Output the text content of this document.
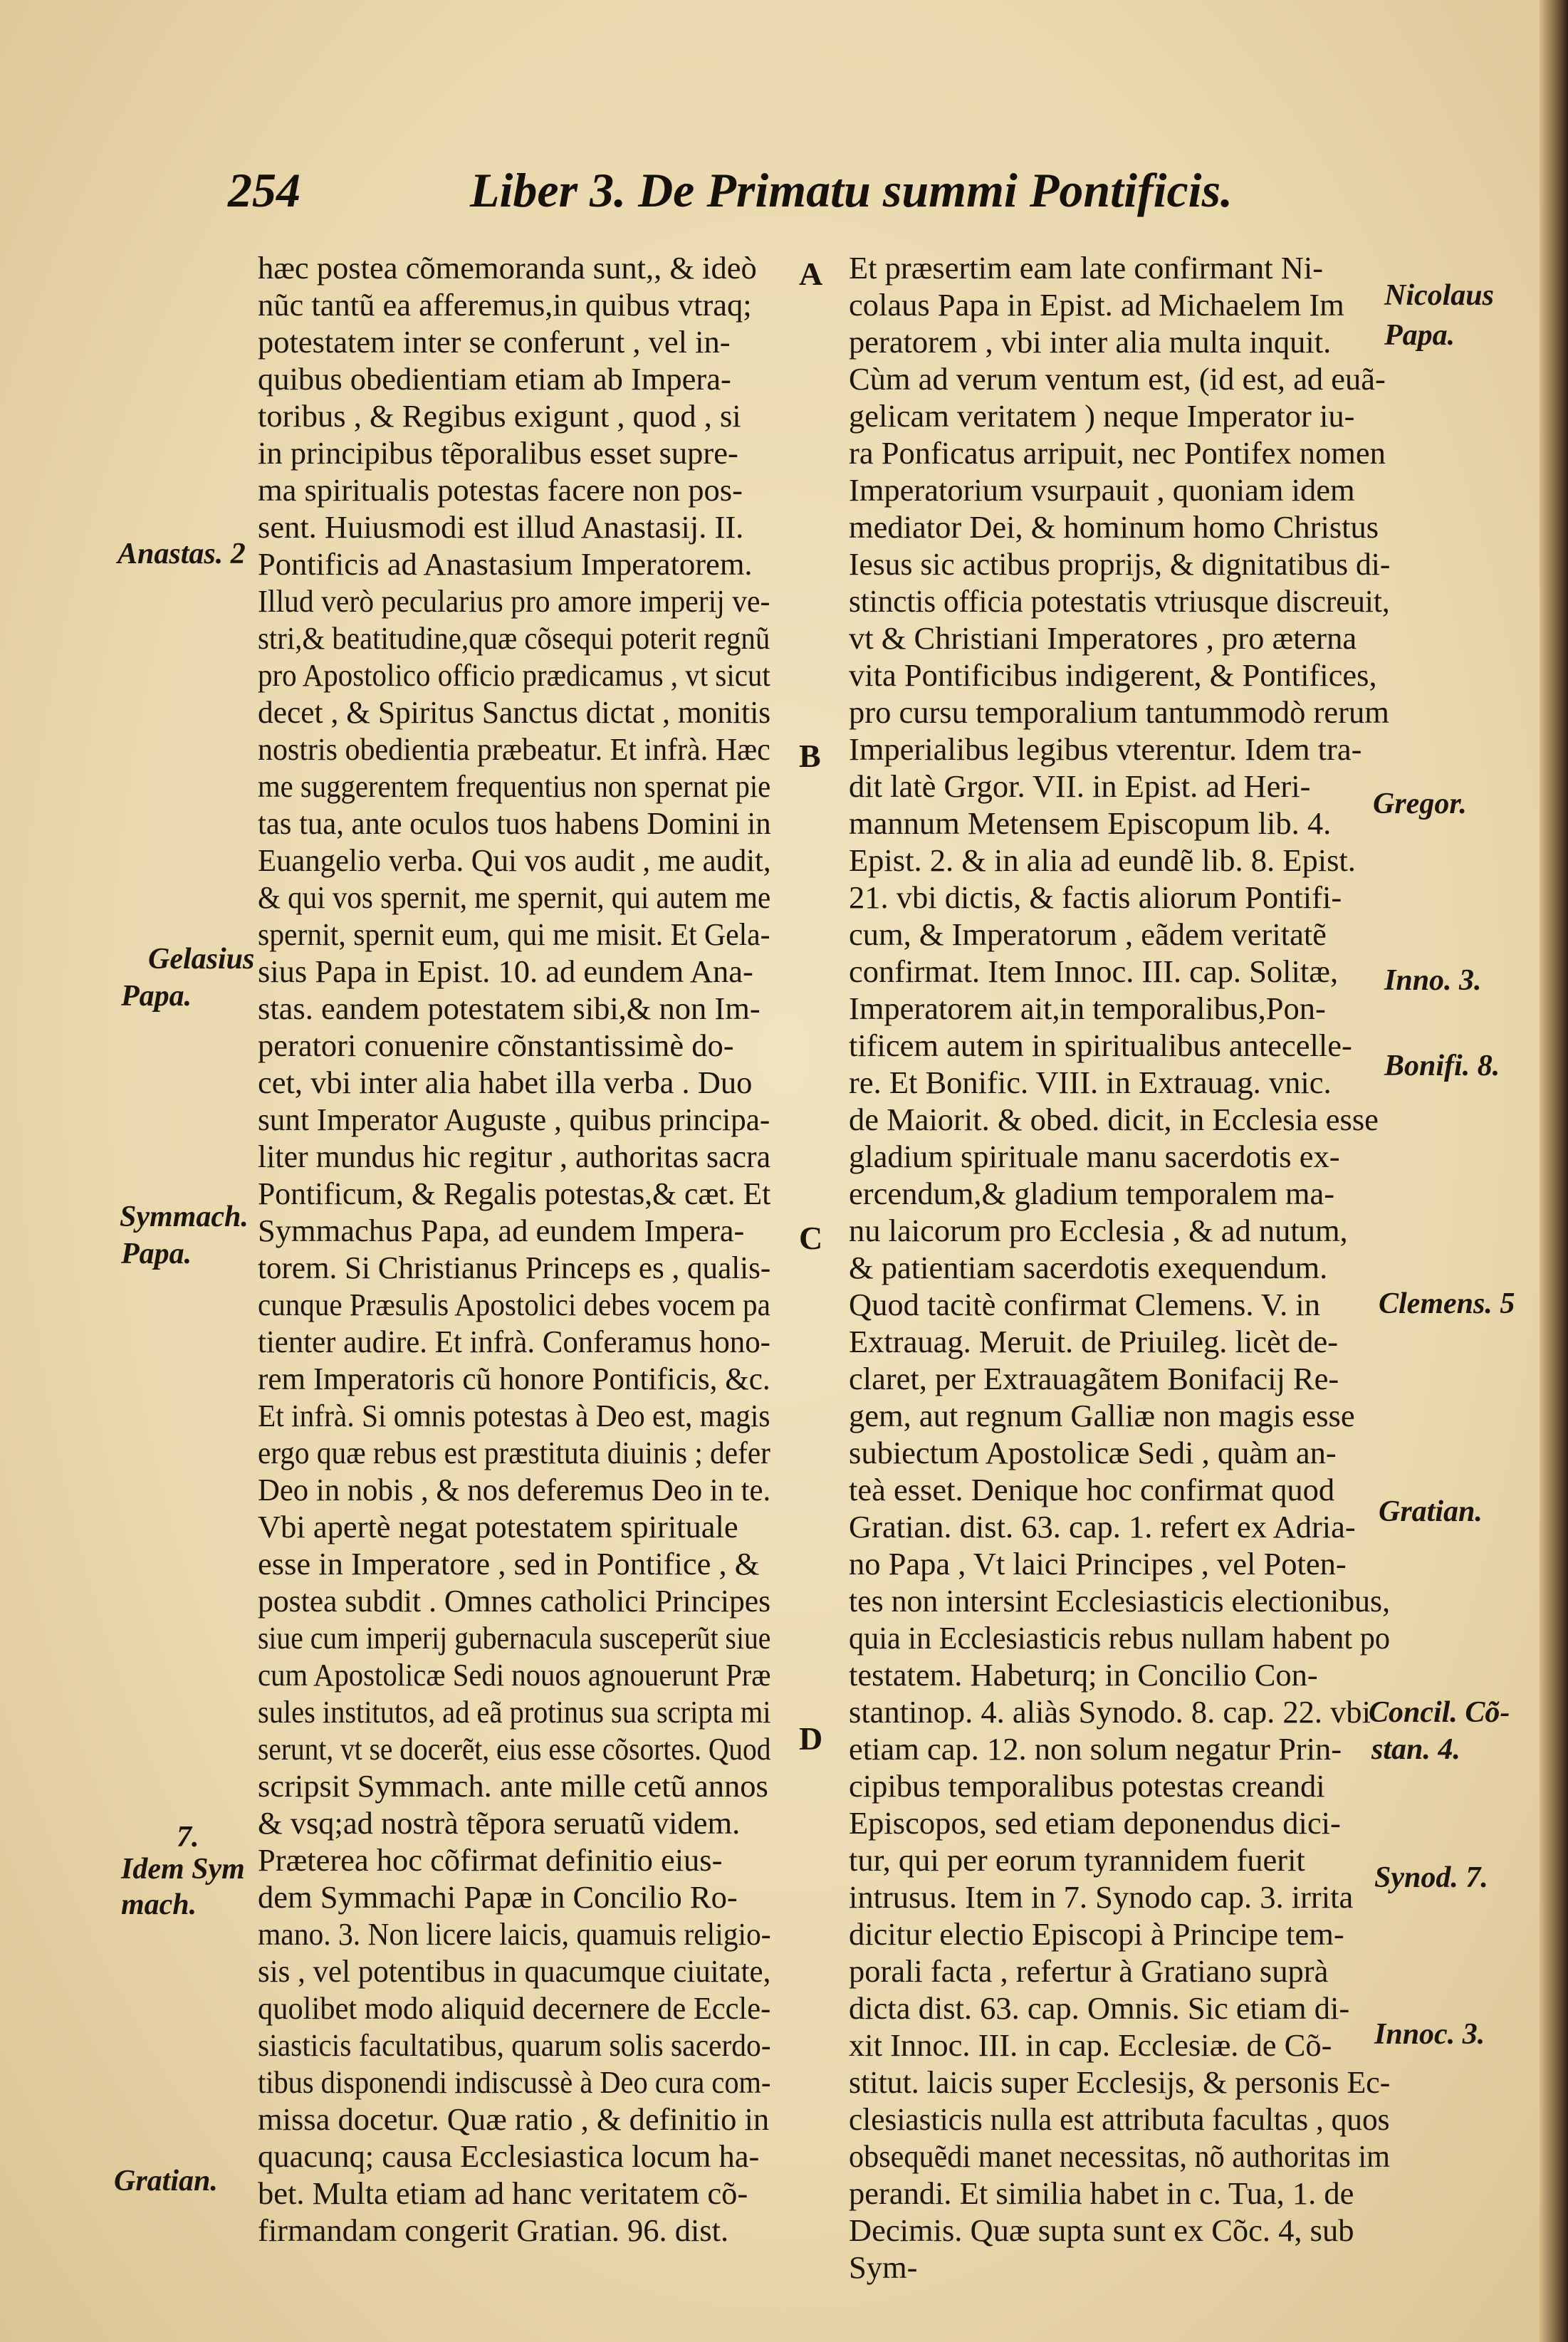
254	Liber 3. De Primatu summi Pontificis.
hæc postea cõmemoranda sunt,, & ideò
nũc tantũ ea afferemus,in quibus vtraq;
potestatem inter se conferunt , vel in-
quibus obedientiam etiam ab Impera-
toribus , & Regibus exigunt , quod , si
in principibus tẽporalibus esset supre-
ma spiritualis potestas facere non pos-
sent. Huiusmodi est illud Anastasij. II.
Pontificis ad Anastasium Imperatorem.
Illud verò pecularius pro amore imperij ve-
stri,& beatitudine,quæ cõsequi poterit regnũ
pro Apostolico officio prædicamus , vt sicut
decet , & Spiritus Sanctus dictat , monitis
nostris obedientia præbeatur. Et infrà. Hæc
me suggerentem frequentius non spernat pie
tas tua, ante oculos tuos habens Domini in
Euangelio verba. Qui vos audit , me audit,
& qui vos spernit, me spernit, qui autem me
spernit, spernit eum, qui me misit. Et Gela-
sius Papa in Epist. 10. ad eundem Ana-
stas. eandem potestatem sibi,& non Im-
peratori conuenire cõnstantissimè do-
cet, vbi inter alia habet illa verba . Duo
sunt Imperator Auguste , quibus principa-
liter mundus hic regitur , authoritas sacra
Pontificum, & Regalis potestas,& cæt. Et
Symmachus Papa, ad eundem Impera-
torem. Si Christianus Princeps es , qualis-
cunque Præsulis Apostolici debes vocem pa
tienter audire. Et infrà. Conferamus hono-
rem Imperatoris cũ honore Pontificis, &c.
Et infrà. Si omnis potestas à Deo est, magis
ergo quæ rebus est præstituta diuinis ; defer
Deo in nobis , & nos deferemus Deo in te.
Vbi apertè negat potestatem spirituale
esse in Imperatore , sed in Pontifice , &
postea subdit . Omnes catholici Principes
siue cum imperij gubernacula susceperũt siue
cum Apostolicæ Sedi nouos agnouerunt Præ
sules institutos, ad eã protinus sua scripta mi
serunt, vt se docerẽt, eius esse cõsortes. Quod
scripsit Symmach. ante mille cetũ annos
& vsq;ad nostrà tẽpora seruatũ videm.
Præterea hoc cõfirmat definitio eius-
dem Symmachi Papæ in Concilio Ro-
mano. 3. Non licere laicis, quamuis religio-
sis , vel potentibus in quacumque ciuitate,
quolibet modo aliquid decernere de Eccle-
siasticis facultatibus, quarum solis sacerdo-
tibus disponendi indiscussè à Deo cura com-
missa docetur. Quæ ratio , & definitio in
quacunq; causa Ecclesiastica locum ha-
bet. Multa etiam ad hanc veritatem cõ-
firmandam congerit Gratian. 96. dist.
Et præsertim eam late confirmant Ni-
colaus Papa in Epist. ad Michaelem Im
peratorem , vbi inter alia multa inquit.
Cùm ad verum ventum est, (id est, ad euã-
gelicam veritatem ) neque Imperator iu-
ra Ponficatus arripuit, nec Pontifex nomen
Imperatorium vsurpauit , quoniam idem
mediator Dei, & hominum homo Christus
Iesus sic actibus proprijs, & dignitatibus di-
stinctis officia potestatis vtriusque discreuit,
vt & Christiani Imperatores , pro æterna
vita Pontificibus indigerent, & Pontifices,
pro cursu temporalium tantummodò rerum
Imperialibus legibus vterentur. Idem tra-
dit latè Grgor. VII. in Epist. ad Heri-
mannum Metensem Episcopum lib. 4.
Epist. 2. & in alia ad eundẽ lib. 8. Epist.
21. vbi dictis, & factis aliorum Pontifi-
cum, & Imperatorum , eãdem veritatẽ
confirmat. Item Innoc. III. cap. Solitæ,
Imperatorem ait,in temporalibus,Pon-
tificem autem in spiritualibus antecelle-
re. Et Bonific. VIII. in Extrauag. vnic.
de Maiorit. & obed. dicit, in Ecclesia esse
gladium spirituale manu sacerdotis ex-
ercendum,& gladium temporalem ma-
nu laicorum pro Ecclesia , & ad nutum,
& patientiam sacerdotis exequendum.
Quod tacitè confirmat Clemens. V. in
Extrauag. Meruit. de Priuileg. licèt de-
claret, per Extrauagãtem Bonifacij Re-
gem, aut regnum Galliæ non magis esse
subiectum Apostolicæ Sedi , quàm an-
teà esset. Denique hoc confirmat quod
Gratian. dist. 63. cap. 1. refert ex Adria-
no Papa , Vt laici Principes , vel Poten-
tes non intersint Ecclesiasticis electionibus,
quia in Ecclesiasticis rebus nullam habent po
testatem. Habeturq; in Concilio Con-
stantinop. 4. aliàs Synodo. 8. cap. 22. vbi
etiam cap. 12. non solum negatur Prin-
cipibus temporalibus potestas creandi
Episcopos, sed etiam deponendus dici-
tur, qui per eorum tyrannidem fuerit
intrusus. Item in 7. Synodo cap. 3. irrita
dicitur electio Episcopi à Principe tem-
porali facta , refertur à Gratiano suprà
dicta dist. 63. cap. Omnis. Sic etiam di-
xit Innoc. III. in cap. Ecclesiæ. de Cõ-
stitut. laicis super Ecclesijs, & personis Ec-
clesiasticis nulla est attributa facultas , quos
obsequẽdi manet necessitas, nõ authoritas im
perandi. Et similia habet in c. Tua, 1. de
Decimis. Quæ supta sunt ex Cõc. 4, sub
Sym-
A
B
C
D
Anastas. 2
Gelasius
Papa.
Symmach.
Papa.
7.
Idem Sym
mach.
Gratian.
Nicolaus
Papa.
Gregor.
Inno. 3.
Bonifi. 8.
Clemens. 5
Gratian.
Concil. Cõ-
stan. 4.
Synod. 7.
Innoc. 3.
